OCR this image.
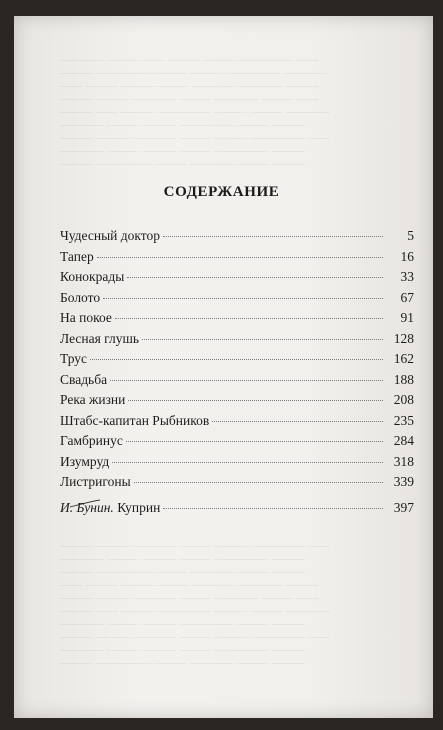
———— ——— —— ——— ——— ————— ——
——— ————— ——— ——— ————— ————
—— ——— ——— ——— ———— ———— ———
——— ——— ———— ——— ———— ——— ——
——— —— ——— ————— ——— ——— ————
———— ——— ——— ————— ——— ———
——— ——— ———— ——— ——— ————— ——
———— ——— ——— ——— ————— ———
——— ————— ——— ———— ——— ———
СОДЕРЖАНИЕ
Чудесный доктор	5
Тапер	16
Конокрады	33
Болото	67
На покое	91
Лесная глушь	128
Трус	162
Свадьба	188
Река жизни	208
Штабс-капитан Рыбников	235
Гамбринус	284
Изумруд	318
Листригоны	339
И. Бунин. Куприн	397
——— ——— ———— ——— ——— ————— ——
———— ——— ——— ——— ————— ———
——— ————— ——— ———— ——— ———
—— ——— ——— ——— ———— ———— ———
——— ——— ———— ——— ———— ——— ——
——— —— ——— ————— ——— ——— ————
———— ——— ——— ————— ——— ———
——— ——— ———— ——— ——— ————— ——
———— ——— ——— ——— ————— ———
——— ————— ——— ———— ——— ———
